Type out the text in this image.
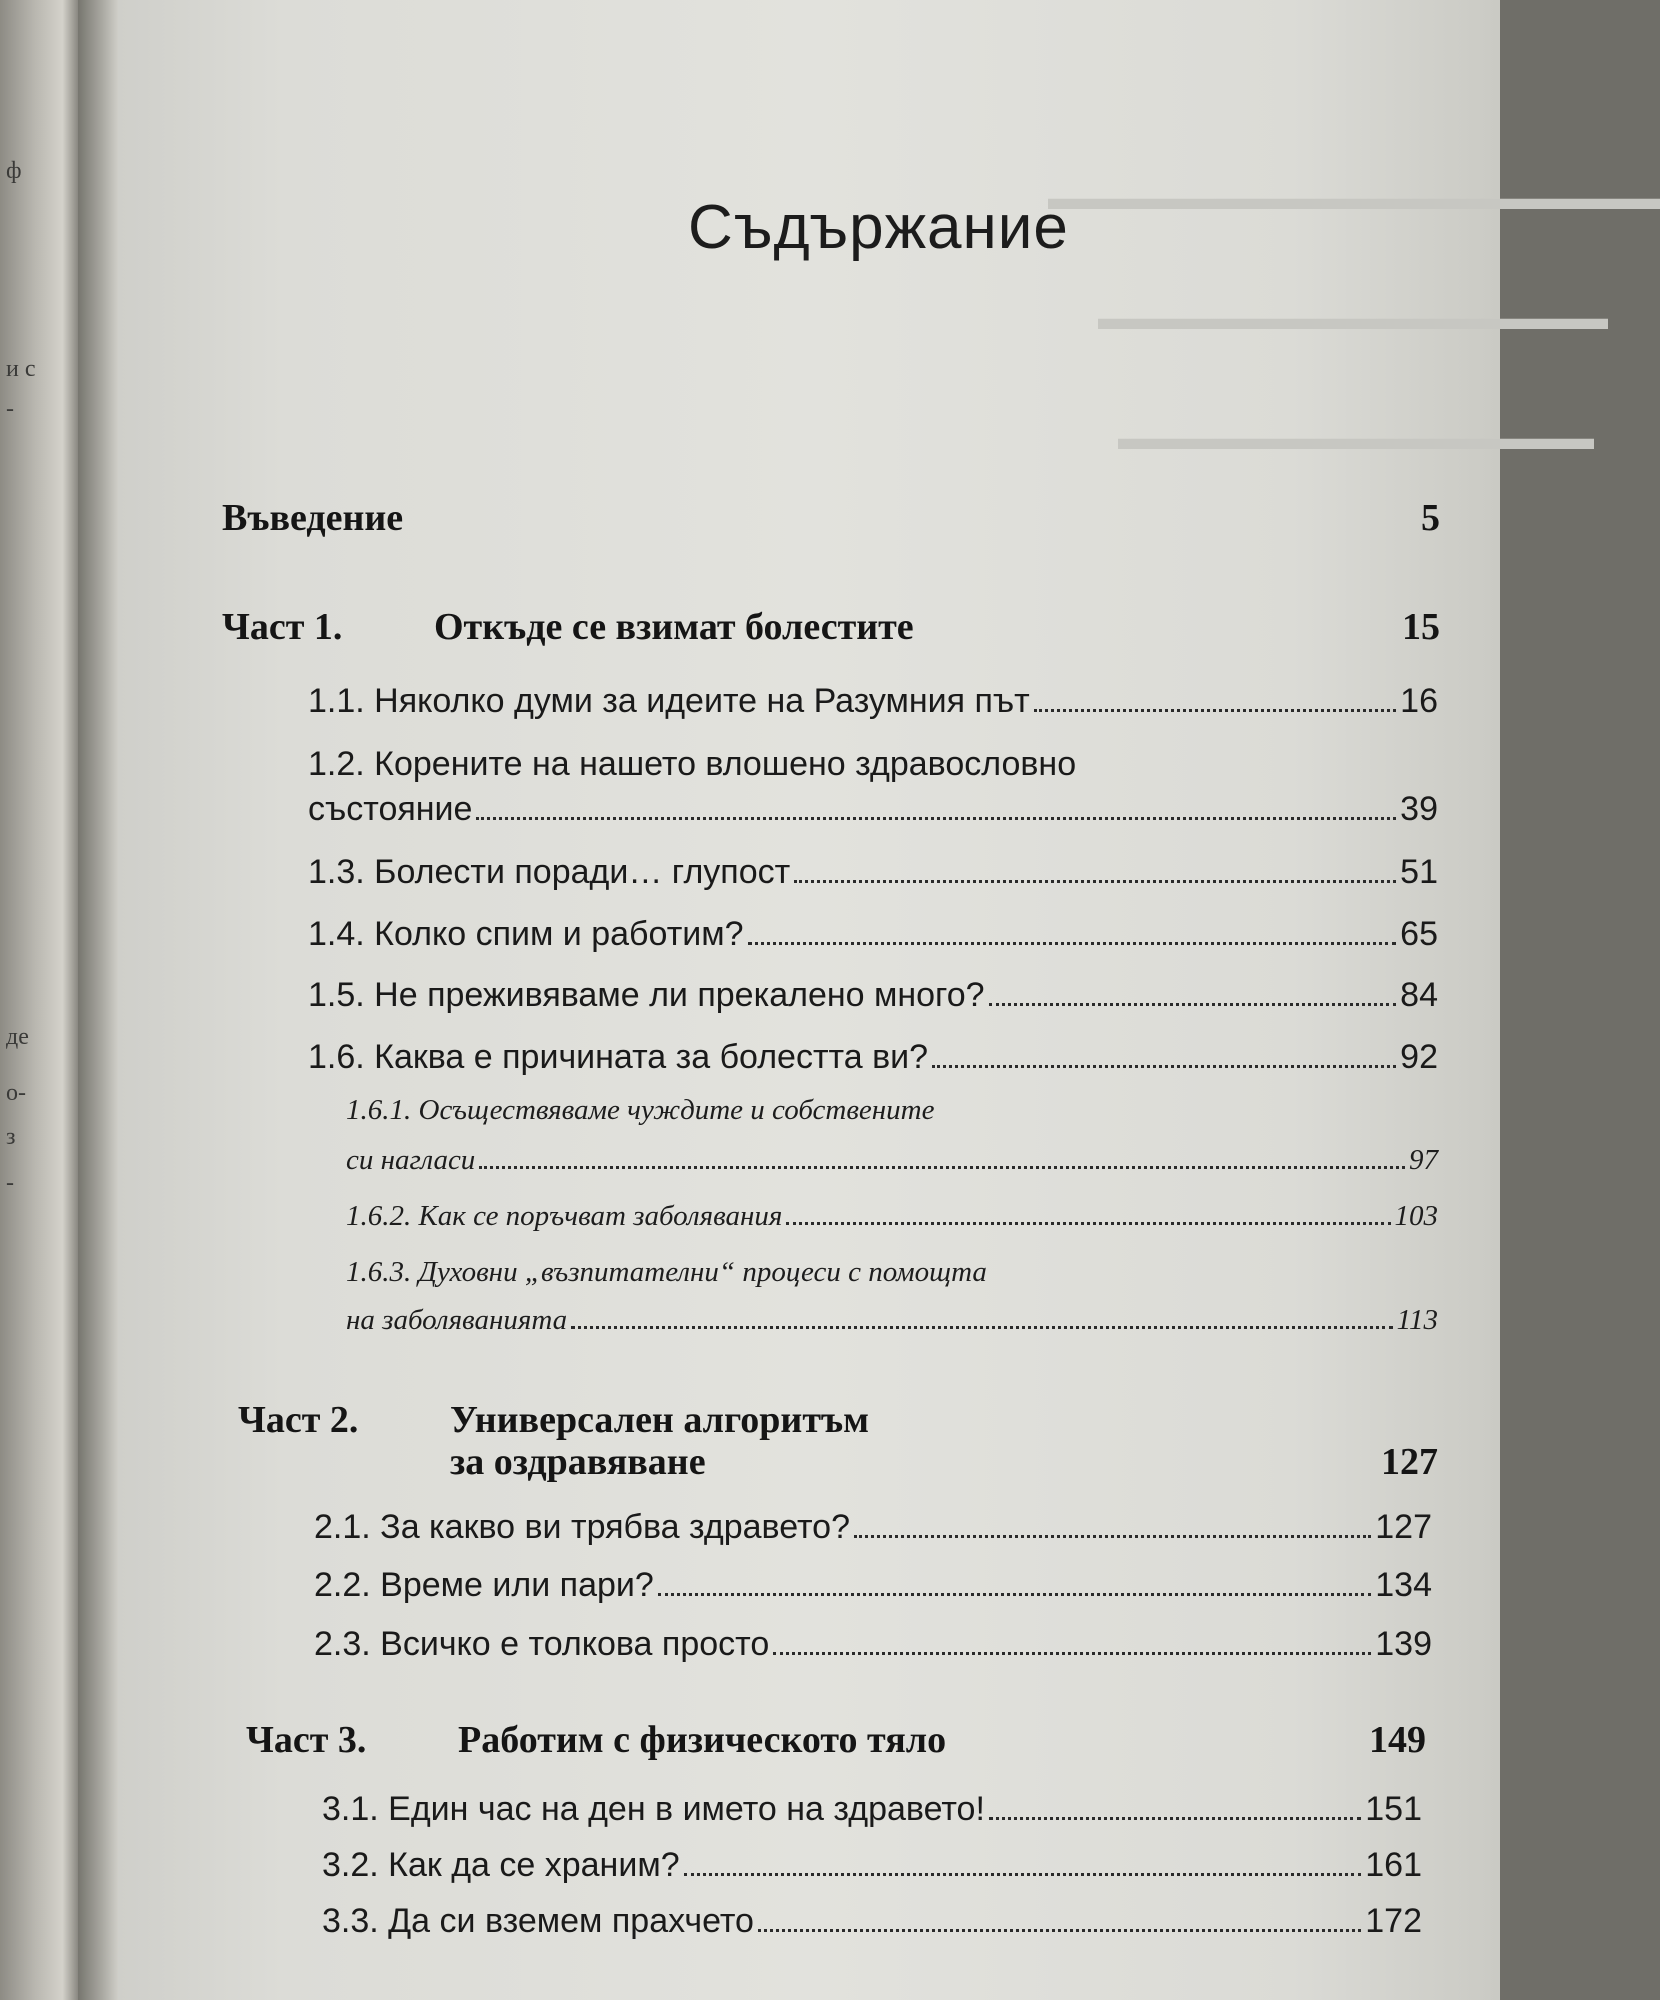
ф
и с
-
де
о-
з
-
▬▬▬▬▬▬▬▬▬▬▬▬▬▬▬▬▬▬
▬▬▬▬▬▬▬▬▬▬▬▬▬▬▬
▬▬▬▬▬▬▬▬▬▬▬▬▬▬
Съдържание
Въведение	5
Част 1.	Откъде се взимат болестите	15
1.1. Няколко думи за идеите на Разумния път	16
1.2. Корените на нашето влошено здравословно
състояние	39
1.3. Болести поради… глупост	51
1.4. Колко спим и работим?	65
1.5. Не преживяваме ли прекалено много?	84
1.6. Каква е причината за болестта ви?	92
1.6.1. Осъществяваме чуждите и собствените
си нагласи	97
1.6.2. Как се поръчват заболявания	103
1.6.3. Духовни „възпитателни“ процеси с помощта
на заболяванията	113
Част 2.	Универсален алгоритъм
за оздравяване	127
2.1. За какво ви трябва здравето?	127
2.2. Време или пари?	134
2.3. Всичко е толкова просто	139
Част 3.	Работим с физическото тяло	149
3.1. Един час на ден в името на здравето!	151
3.2. Как да се храним?	161
3.3. Да си вземем прахчето	172
